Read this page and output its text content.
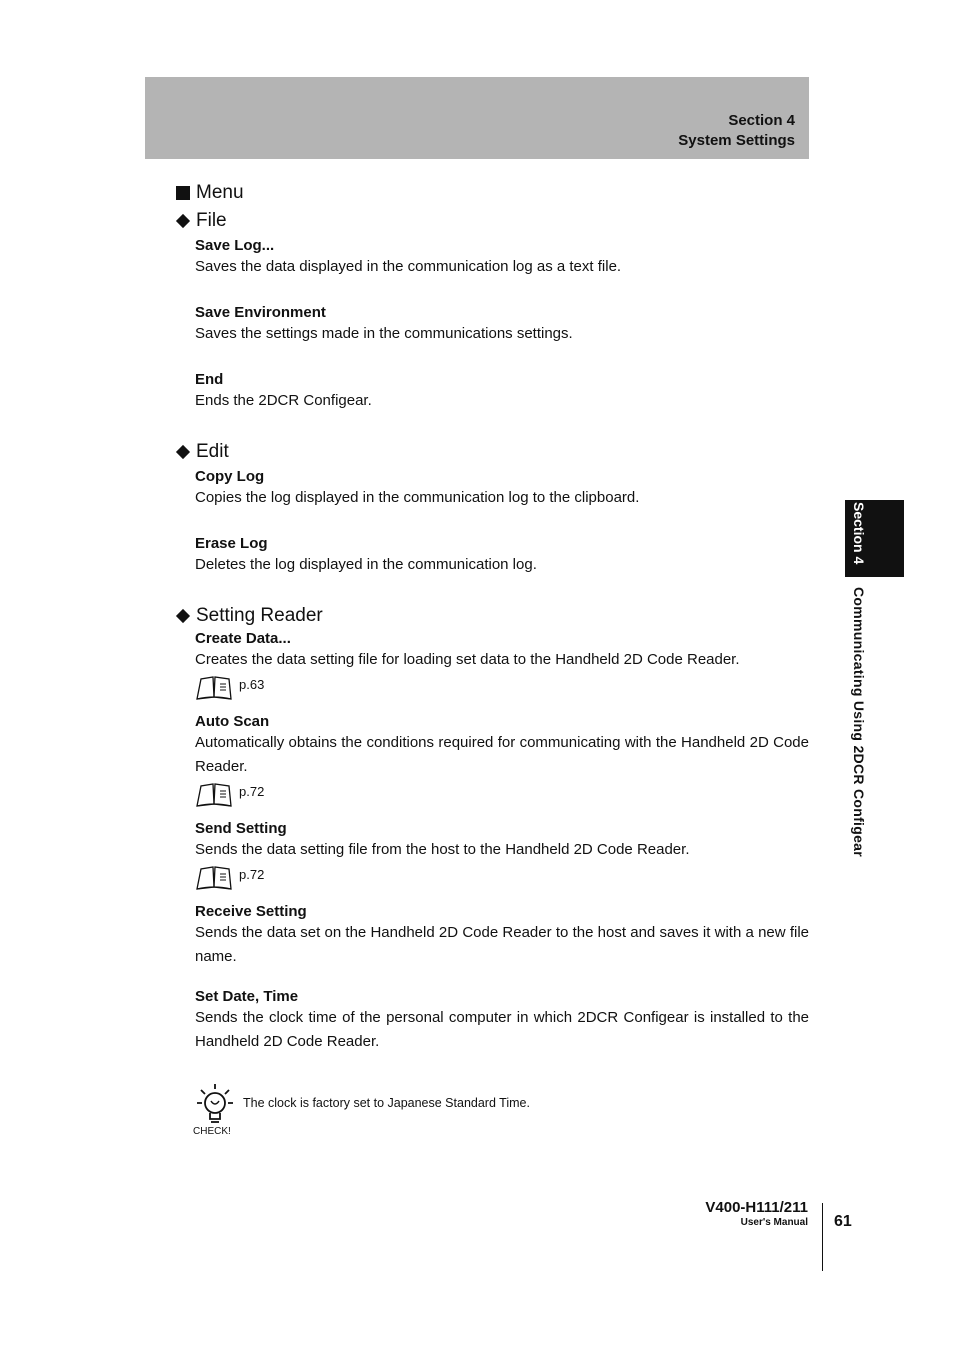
Section 4
System Settings
Menu
File
Save Log...
Saves the data displayed in the communication log as a text file.
Save Environment
Saves the settings made in the communications settings.
End
Ends the 2DCR Configear.
Edit
Copy Log
Copies the log displayed in the communication log to the clipboard.
Erase Log
Deletes the log displayed in the communication log.
Setting Reader
Create Data...
Creates the data setting file for loading set data to the Handheld 2D Code Reader.
p.63
Auto Scan
Automatically obtains the conditions required for communicating with the Handheld 2D Code Reader.
p.72
Send Setting
Sends the data setting file from the host to the Handheld 2D Code Reader.
p.72
Receive Setting
Sends the data set on the Handheld 2D Code Reader to the host and saves it with a new file name.
Set Date, Time
Sends the clock time of the personal computer in which 2DCR Configear is installed to the Handheld 2D Code Reader.
CHECK!
The clock is factory set to Japanese Standard Time.
Section 4
Communicating Using 2DCR Configear
V400-H111/211
User's Manual 61
